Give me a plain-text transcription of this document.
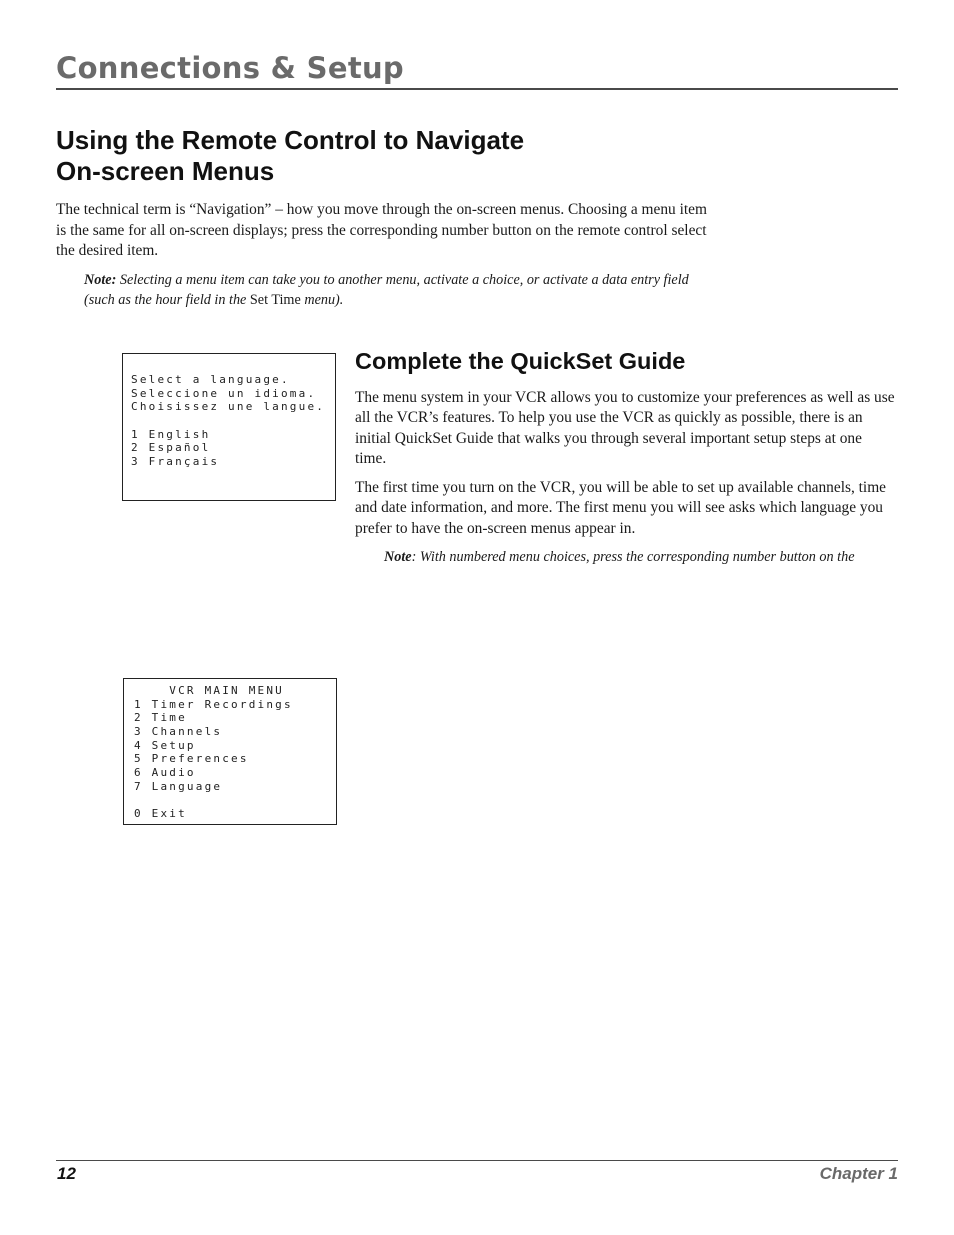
Connections & Setup
Using the Remote Control to Navigate
On-screen Menus

The technical term is “Navigation” – how you move through the on-screen menus. Choosing a menu item is the same for all on-screen displays; press the corresponding number button on the remote control select the desired item.

Note: Selecting a menu item can take you to another menu, activate a choice, or activate a data entry field (such as the hour field in the Set Time menu).

Select a language.
Seleccione un idioma.
Choisissez une langue.
1 English
2 Español
3 Français
Complete the QuickSet Guide

The menu system in your VCR allows you to customize your preferences as well as use all the VCR’s features. To help you use the VCR as quickly as possible, there is an initial QuickSet Guide that walks you through several important setup steps at one time.

The first time you turn on the VCR, you will be able to set up available channels, time and date information, and more. The first menu you will see asks which language you prefer to have the on-screen menus appear in.

Note: With numbered menu choices, press the corresponding number button on the

VCR MAIN MENU
1 Timer Recordings
2 Time
3 Channels
4 Setup
5 Preferences
6 Audio
7 Language
0 Exit
12	Chapter 1
